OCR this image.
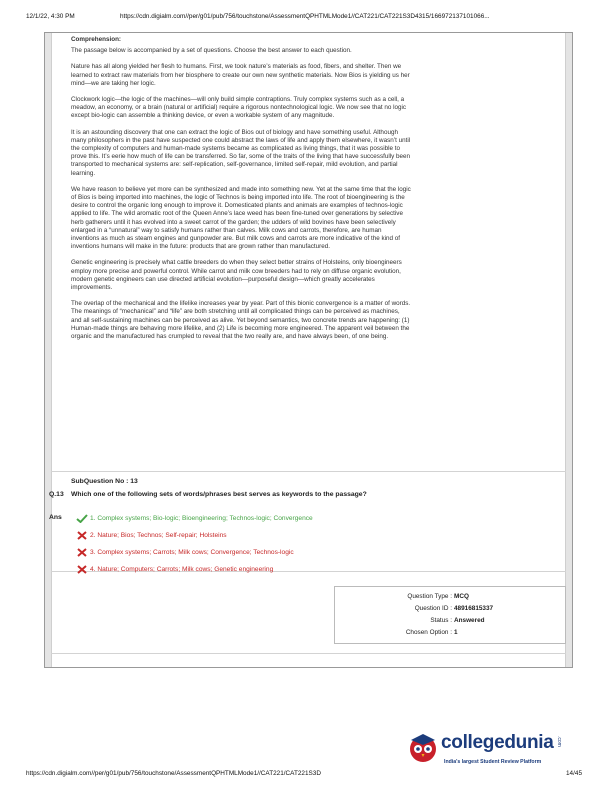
12/1/22, 4:30 PM	https://cdn.digialm.com//per/g01/pub/756/touchstone/AssessmentQPHTMLMode1//CAT221/CAT221S3D4315/166972137101066...
Comprehension:

The passage below is accompanied by a set of questions. Choose the best answer to each question.

Nature has all along yielded her flesh to humans. First, we took nature’s materials as food, fibers, and shelter. Then we learned to extract raw materials from her biosphere to create our own new synthetic materials. Now Bios is yielding us her mind—we are taking her logic.

Clockwork logic—the logic of the machines—will only build simple contraptions. Truly complex systems such as a cell, a meadow, an economy, or a brain (natural or artificial) require a rigorous nontechnological logic. We now see that no logic except bio-logic can assemble a thinking device, or even a workable system of any magnitude.

It is an astounding discovery that one can extract the logic of Bios out of biology and have something useful. Although many philosophers in the past have suspected one could abstract the laws of life and apply them elsewhere, it wasn’t until the complexity of computers and human-made systems became as complicated as living things, that it was possible to prove this. It’s eerie how much of life can be transferred. So far, some of the traits of the living that have successfully been transported to mechanical systems are: self-replication, self-governance, limited self-repair, mild evolution, and partial learning.

We have reason to believe yet more can be synthesized and made into something new. Yet at the same time that the logic of Bios is being imported into machines, the logic of Technos is being imported into life. The root of bioengineering is the desire to control the organic long enough to improve it. Domesticated plants and animals are examples of technos-logic applied to life. The wild aromatic root of the Queen Anne’s lace weed has been fine-tuned over generations by selective herb gatherers until it has evolved into a sweet carrot of the garden; the udders of wild bovines have been selectively enlarged in a “unnatural” way to satisfy humans rather than calves. Milk cows and carrots, therefore, are human inventions as much as steam engines and gunpowder are. But milk cows and carrots are more indicative of the kind of inventions humans will make in the future: products that are grown rather than manufactured.

Genetic engineering is precisely what cattle breeders do when they select better strains of Holsteins, only bioengineers employ more precise and powerful control. While carrot and milk cow breeders had to rely on diffuse organic evolution, modern genetic engineers can use directed artificial evolution—purposeful design—which greatly accelerates improvements.

The overlap of the mechanical and the lifelike increases year by year. Part of this bionic convergence is a matter of words. The meanings of “mechanical” and “life” are both stretching until all complicated things can be perceived as machines, and all self-sustaining machines can be perceived as alive. Yet beyond semantics, two concrete trends are happening: (1) Human-made things are behaving more lifelike, and (2) Life is becoming more engineered. The apparent veil between the organic and the manufactured has crumpled to reveal that the two really are, and have always been, of one being.

SubQuestion No : 13
Q.13 Which one of the following sets of words/phrases best serves as keywords to the passage?
Ans	1. Complex systems; Bio-logic; Bioengineering; Technos-logic; Convergence
2. Nature; Bios; Technos; Self-repair; Holsteins
3. Complex systems; Carrots; Milk cows; Convergence; Technos-logic
4. Nature; Computers; Carrots; Milk cows; Genetic engineering
Question Type : MCQ
Question ID : 48916815337
Status : Answered
Chosen Option : 1
collegedunia .com
India's largest Student Review Platform
https://cdn.digialm.com//per/g01/pub/756/touchstone/AssessmentQPHTMLMode1//CAT221/CAT221S3D	14/45
